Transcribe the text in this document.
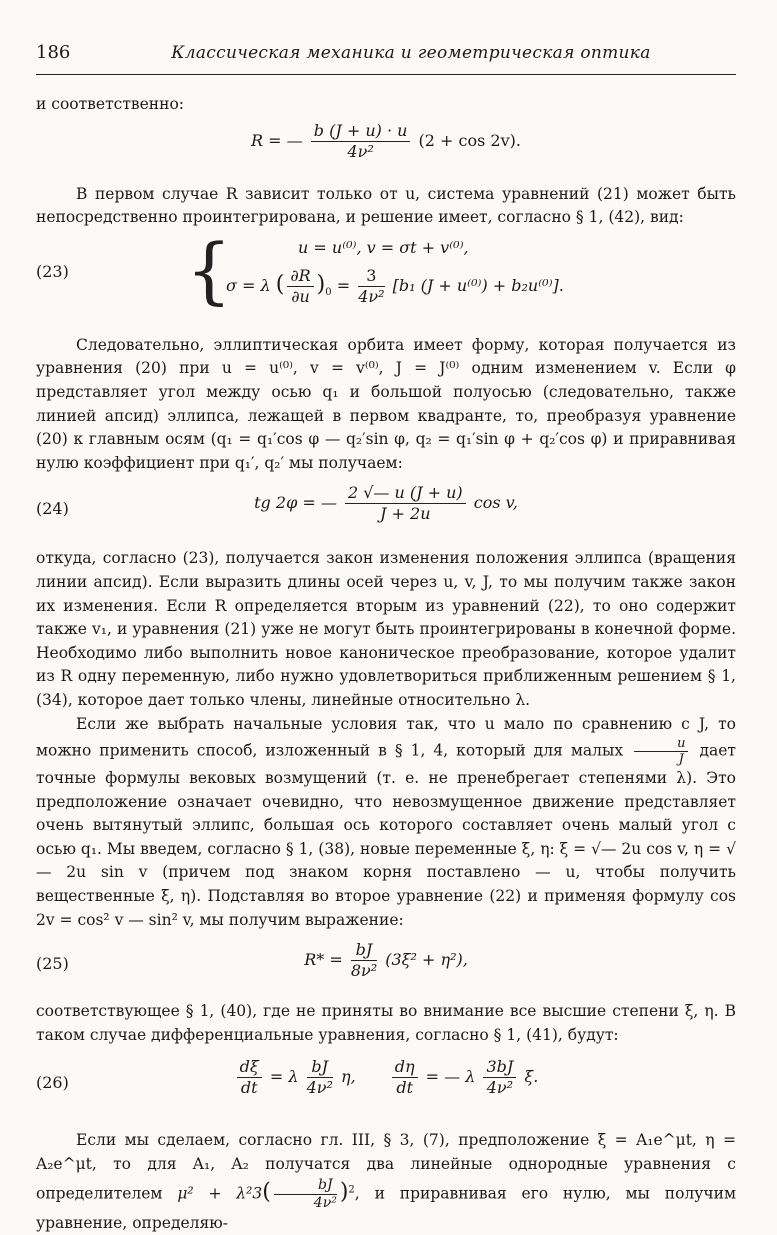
186	Классическая механика и геометрическая оптика

и соответственно:

R = — $\frac{b (J + u) \cdot u}{\text{4ν²}} (2 + \cos 2v)$.

В первом случае R зависит только от u, система уравнений (21) может быть непосредственно проинтегрирована, и решение имеет, согласно § 1, (42), вид:

(23) {	u = u⁽⁰⁾, v = σt + v⁽⁰⁾,
σ = λ ( $\frac{\partial R}{\partial u} )_0 = \frac{3}{\text{4ν²}} [b_1$ (J + u⁽⁰⁾) + b₂u⁽⁰⁾].

Следовательно, эллиптическая орбита имеет форму, которая получается из уравнения (20) при u = u⁽⁰⁾, v = v⁽⁰⁾, J = J⁽⁰⁾ одним изменением v. Если φ представляет угол между осью q₁ и большой полуосью (следовательно, также линией апсид) эллипса, лежащей в первом квадранте, то, преобразуя уравнение (20) к главным осям (q₁ = q₁′cos φ — q₂′sin φ, q₂ = q₁′sin φ + q₂′cos φ) и приравнивая нулю коэффициент при q₁′, q₂′ мы получаем:

(24)	tg 2φ = — $\frac{2 √— u (J + u)}{J + 2u}$ cos v,

откуда, согласно (23), получается закон изменения положения эллипса (вращения линии апсид). Если выразить длины осей через u, v, J, то мы получим также закон их изменения. Если R определяется вторым из уравнений (22), то оно содержит также v₁, и уравнения (21) уже не могут быть проинтегрированы в конечной форме. Необходимо либо выполнить новое каноническое преобразование, которое удалит из R одну переменную, либо нужно удовлетвориться приближенным решением § 1, (34), которое дает только члены, линейные относительно λ.

Если же выбрать начальные условия так, что u мало по сравнению с J, то можно применить способ, изложенный в § 1, 4, который для малых $\frac{u}{J}$ дает точные формулы вековых возмущений (т. е. не пренебрегает степенями λ). Это предположение означает очевидно, что невозмущенное движение представляет очень вытянутый эллипс, большая ось которого составляет очень малый угол с осью q₁. Мы введем, согласно § 1, (38), новые переменные ξ, η: ξ = √— 2u cos v, η = √— 2u sin v (причем под знаком корня поставлено — u, чтобы получить вещественные ξ, η). Подставляя во второе уравнение (22) и применяя формулу cos 2v = cos² v — sin² v, мы получим выражение:

(25)	$R* = \frac{bJ}{\text{8ν²}} (3\xi^2 + \eta^2)$,

соответствующее § 1, (40), где не приняты во внимание все высшие степени ξ, η. В таком случае дифференциальные уравнения, согласно § 1, (41), будут:

(26)	$\frac{d\xi}{dt} = \lambda \frac{bJ}{\text{4ν²}} \eta$, $\frac{d\eta}{dt}$ = — λ $\frac{3bJ}{\text{4ν²}} \xi$.

Если мы сделаем, согласно гл. III, § 3, (7), предположение ξ = A₁e^μt, η = A₂e^μt, то для A₁, A₂ получатся два линейные однородные уравнения с определителем $\mu^2 + \lambda^23( \frac{bJ}{\text{4ν²}} )^2$, и приравнивая его нулю, мы получим уравнение, определяю-
